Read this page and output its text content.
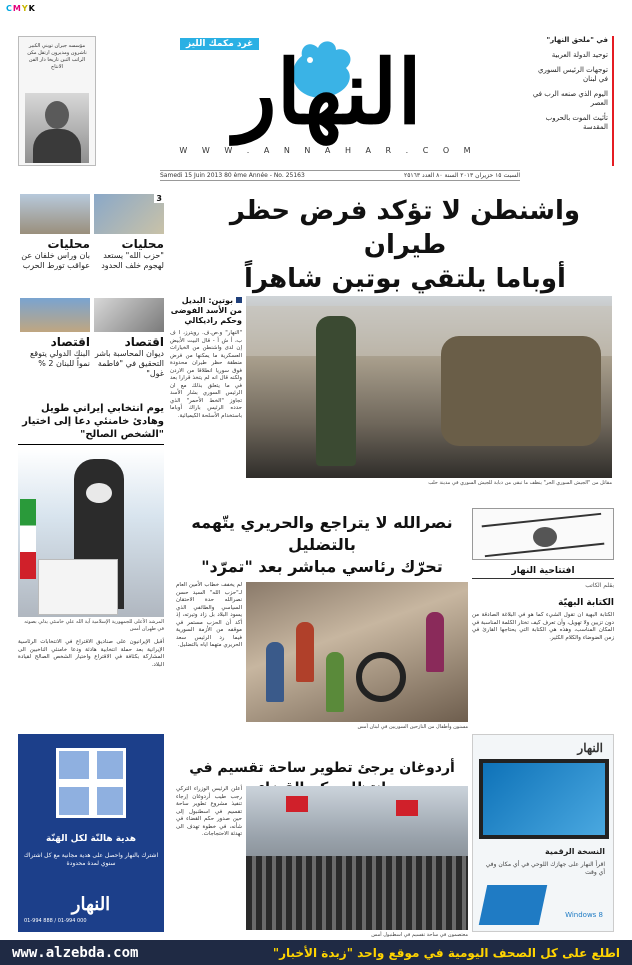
CMYK
مؤسسه جبران تويني الكبير ناشرون ومدیرون ارتقل مكن الراتب التبن تاريخا دار الفن الانتاج
غرد مكمك الليز
النهار
W W W . A N N A H A R . C O M
في "ملحق النهار"
توحيد الدولة العربية
توجهات الرئيس السوري في لبنان
اليوم الذي صنعه الرب في العصر
تأثيث الموت بالحروب المقدسة
السبت ١٥ حزيران ٢٠١٣ السنة ٨٠ العدد ٢٥١٦٣
Samedi 15 Juin 2013 80 ème Année - No. 25163
3
محليات
"حزب الله" يستعد لهجوم خلف الحدود
محليات
بان وراس خلفان عن عواقب تورط الحرب
اقتصاد
ديوان المحاسبة باشر التحقيق في "فاطمة غول"
اقتصاد
البنك الدولي يتوقع نمواً للبنان 2 %
واشنطن لا تؤكد فرض حظر طيران
أوباما يلتقي بوتين شاهراً
بوتين: البديل من الأسد الفوضى وحكم راديكالي
"النهار" و.ص.ف. رويترز، ا ف ب، أ ش أ - قال البيت الأبيض إن لدى واشنطن من الخيارات العسكرية ما يمكنها من فرض منطقة حظر طيران محدودة فوق سوريا انطلاقا من الاردن ولكنه قال انه لم يتخذ قرارا بعد في ما يتعلق بذلك مع ان الرئيس السوري بشار الأسد تجاوز "الخط الأحمر" الذي حدده الرئيس باراك أوباما باستخدام الأسلحة الكيميائية.
مقاتل من "الجيش السوري الحر" ينظف ما تبقى من دبابة للجيش السوري في مدينة حلب
يوم انتخابي إيراني طويل وهادئ خامنئي دعا إلى اختيار "الشخص الصالح"
المرشد الأعلى للجمهورية الإسلامية آية الله علي خامنئي يدلي بصوته في طهران أمس
أقبل الإيرانيون على صناديق الاقتراع في الانتخابات الرئاسية الإيرانية بعد حملة انتخابية هادئة ودعا خامنئي الناخبين الى المشاركة بكثافة في الاقتراع واختيار الشخص الصالح لقيادة البلاد.
نصرالله لا يتراجع والحريري يتّهمه بالتضليل
تحرّك رئاسي مباشر بعد "تمرّد"
مسنون وأطفال من النازحين السوريين في لبنان أمس
لم يخفف خطاب الأمين العام لـ"حزب الله" السيد حسن نصرالله حدة الاحتقان السياسي والطائفي الذي يسود البلاد بل زاد وتيرته، إذ أكد أن الحزب مستمر في موقفه من الأزمة السورية فيما رد الرئيس سعد الحريري متهما اياه بالتضليل.
افتتاحية النهار
بقلم الكاتب
الكتابة البهيّة
الكتابة البهية ان تقول الشيء كما هو في البلاغة الصادقة من دون تزيين ولا تهويل، وأن تعرف كيف تختار الكلمة المناسبة في المكان المناسب، وهذه هي الكتابة التي يحتاجها القارئ في زمن الضوضاء والكلام الكثير.
أردوغان يرجئ تطوير ساحة تقسيم في
معتصمون في ساحة تقسيم في اسطنبول أمس
أعلن الرئيس الوزراء التركي رجب طيب أردوغان إرجاء تنفيذ مشروع تطوير ساحة تقسيم في اسطنبول إلى حين صدور حكم القضاء في شأنه، في خطوة تهدف الى تهدئة الاحتجاجات.
هدية هالنّة لكل الهَنّة
اشترك بالنهار واحصل على هدية مجانية مع كل اشتراك سنوي لمدة محدودة
النهار
01-994 888 / 01-994 000
النهار
النسخة الرقمية
اقرأ النهار على جهازك اللوحي في أي مكان وفي أي وقت
Windows 8
اطلع على كل الصحف اليومية في موقع واحد "زبدة الأخبار"
www.alzebda.com
